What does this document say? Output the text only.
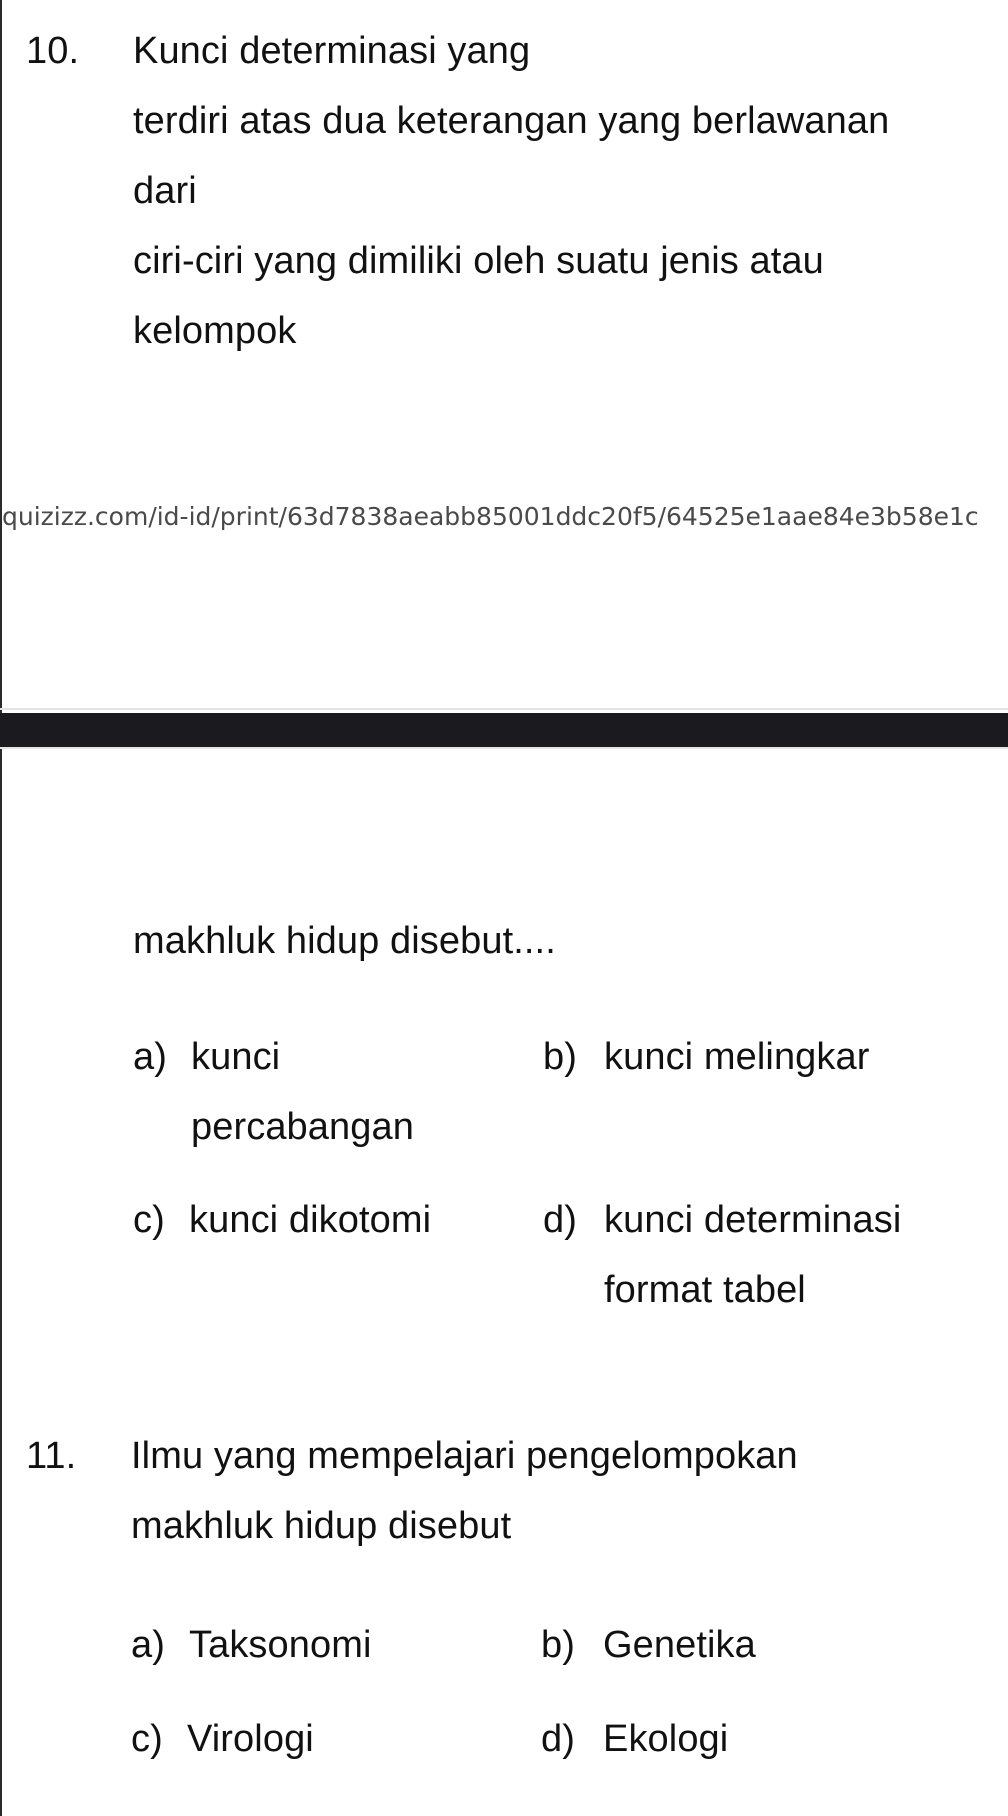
10. Kunci determinasi yang
terdiri atas dua keterangan yang berlawanan
dari
ciri-ciri yang dimiliki oleh suatu jenis atau
kelompok
quizizz.com/id-id/print/63d7838aeabb85001ddc20f5/64525e1aae84e3b58e1c
makhluk hidup disebut....
a) kunci
percabangan
b) kunci melingkar
c) kunci dikotomi	d) kunci determinasi
format tabel
11. Ilmu yang mempelajari pengelompokan
makhluk hidup disebut
a) Taksonomi	b) Genetika
c) Virologi	d) Ekologi
